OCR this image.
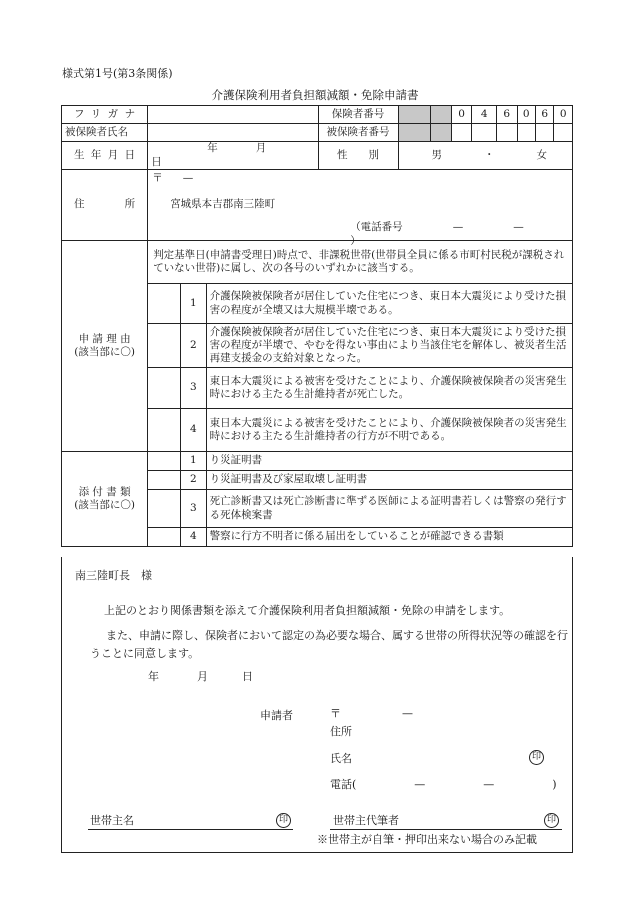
様式第1号(第3条関係)
介護保険利用者負担額減額・免除申請書
フリガナ				保険者番号			0	4	6	0	6	0
被保険者氏名				被保険者番号								
生年月日	年 月日			性　　別	男 ・ 女							
住　　所	〒 —
宮城県本吉郡南三陸町
（電話番号 — —）											

申 請 理 由
(該当部に〇)	判定基準日(申請書受理日)時点で、非課税世帯(世帯員全員に係る市町村民税が課税されていない世帯)に属し、次の各号のいずれかに該当する。											
		1	介護保険被保険者が居住していた住宅につき、東日本大震災により受けた損害の程度が全壊又は大規模半壊である。									
		2	介護保険被保険者が居住していた住宅につき、東日本大震災により受けた損害の程度が半壊で、やむを得ない事由により当該住宅を解体し、被災者生活再建支援金の支給対象となった。									
		3	東日本大震災による被害を受けたことにより、介護保険被保険者の災害発生時における主たる生計維持者が死亡した。									
		4	東日本大震災による被害を受けたことにより、介護保険被保険者の災害発生時における主たる生計維持者の行方が不明である。									

添 付 書 類
(該当部に〇)		1	り災証明書									
		2	り災証明書及び家屋取壊し証明書									
		3	死亡診断書又は死亡診断書に準ずる医師による証明書若しくは警察の発行する死体検案書									
		4	警察に行方不明者に係る届出をしていることが確認できる書類									
南三陸町長　様
上記のとおり関係書類を添えて介護保険利用者負担額減額・免除の申請をします。
また、申請に際し、保険者において認定の為必要な場合、属する世帯の所得状況等の確認を行うことに同意します。
年	月	日
申請者	〒	—
住所
氏名	印
電話(	—	—	)
世帯主名	印	世帯主代筆者	印
※世帯主が自筆・押印出来ない場合のみ記載
